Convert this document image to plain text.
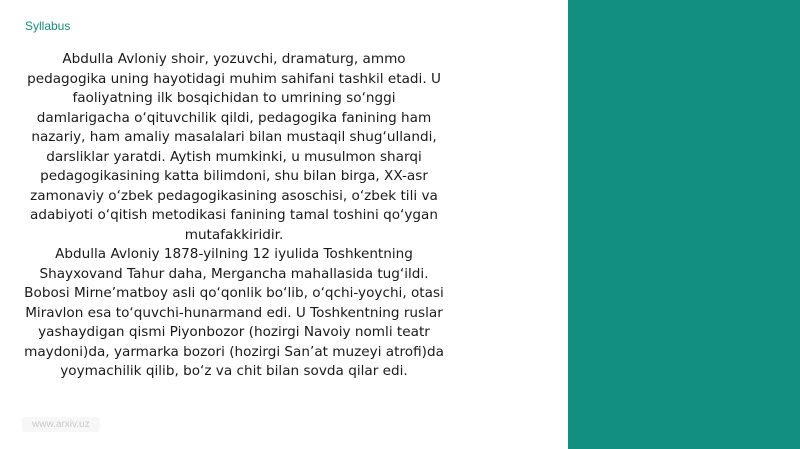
Syllabus

Abdulla Avloniy shoir, yozuvchi, dramaturg, ammo pedagogika uning hayotidagi muhim sahifani tashkil etadi. U faoliyatning ilk bosqichidan to umrining so‘nggi damlarigacha o‘qituvchilik qildi, pedagogika fanining ham nazariy, ham amaliy masalalari bilan mustaqil shug‘ullandi, darsliklar yaratdi. Aytish mumkinki, u musulmon sharqi pedagogikasining katta bilimdoni, shu bilan birga, XX-asr zamonaviy o‘zbek pedagogikasining asoschisi, o‘zbek tili va adabiyoti o‘qitish metodikasi fanining tamal toshini qo‘ygan mutafakkiridir.

Abdulla Avloniy 1878-yilning 12 iyulida Toshkentning Shayxovand Tahur daha, Mergancha mahallasida tug‘ildi. Bobosi Mirne’matboy asli qo‘qonlik bo‘lib, o‘qchi-yoychi, otasi Miravlon esa to‘quvchi-hunarmand edi. U Toshkentning ruslar yashaydigan qismi Piyonbozor (hozirgi Navoiy nomli teatr maydoni)da, yarmarka bozori (hozirgi San’at muzeyi atrofi)da yoymachilik qilib, bo‘z va chit bilan sovda qilar edi.

www.arxiv.uz
